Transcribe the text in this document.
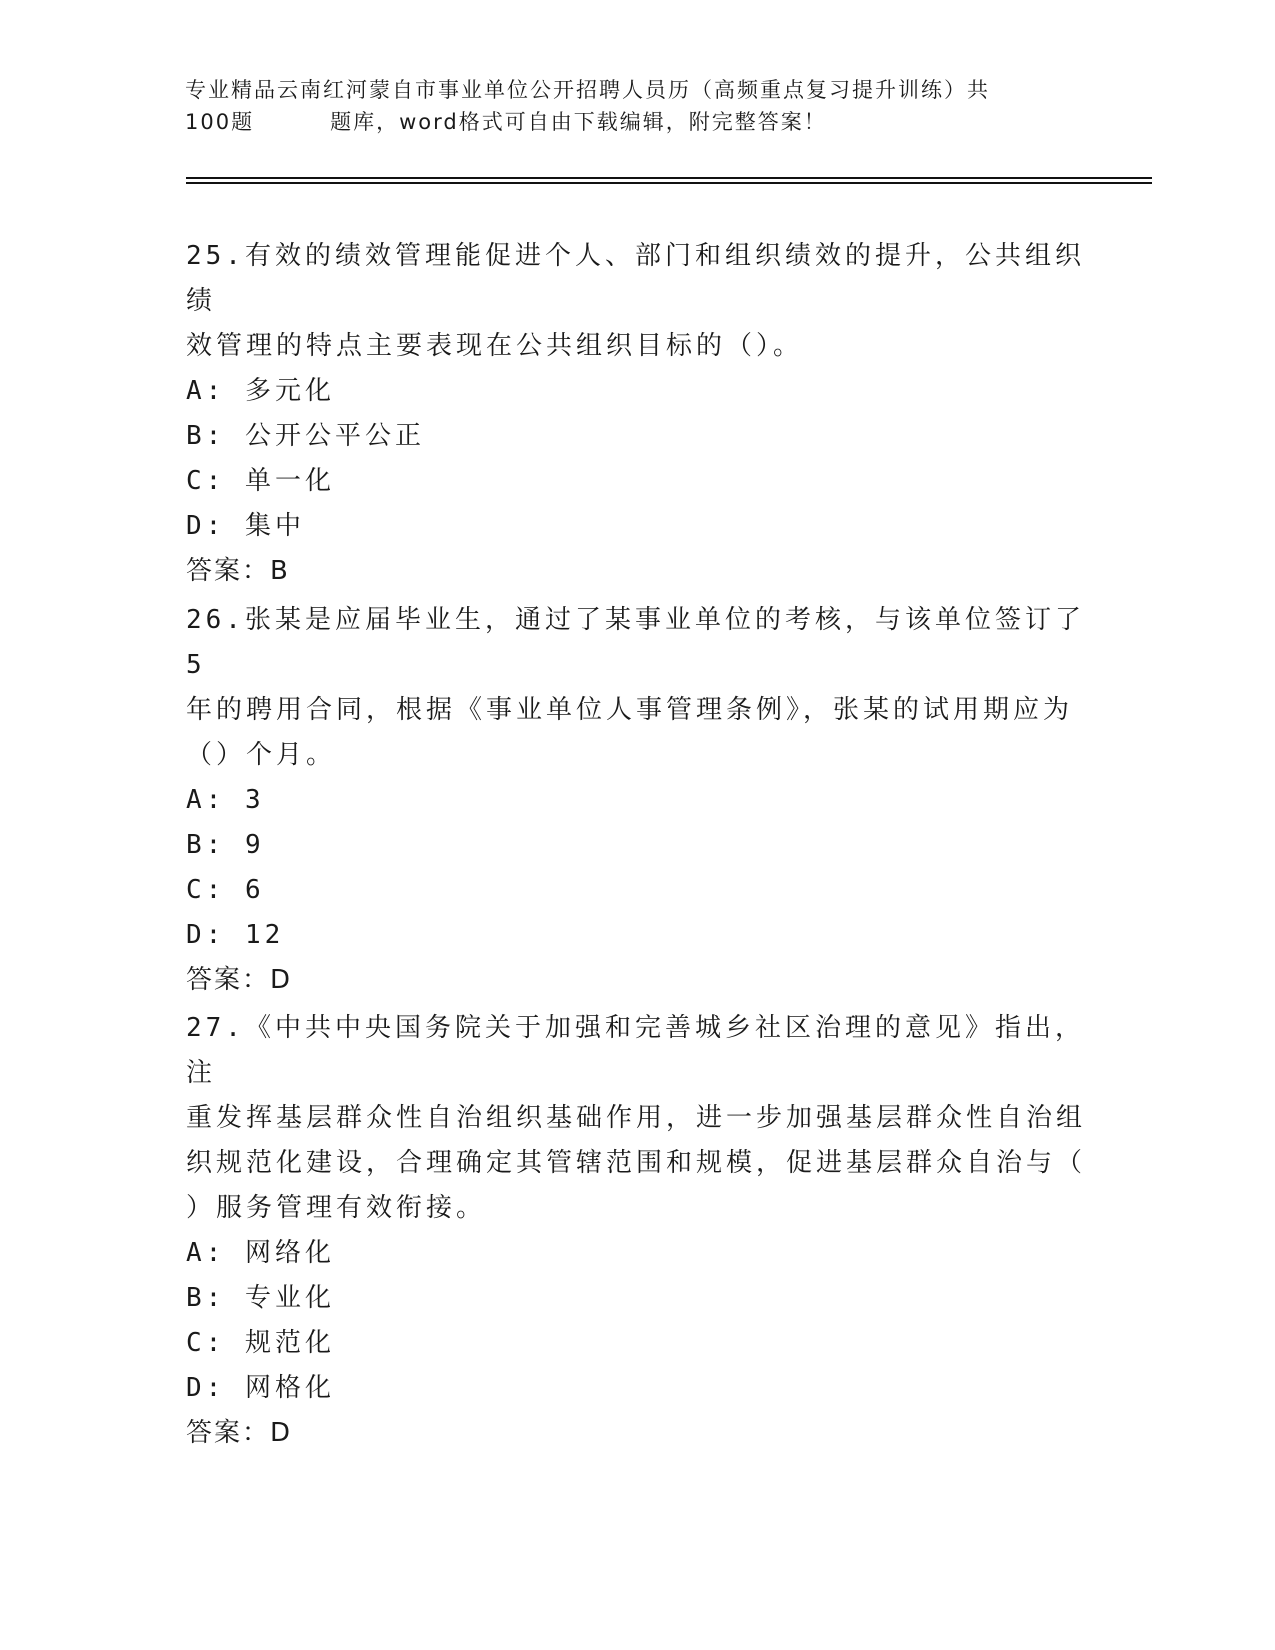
专业精品云南红河蒙自市事业单位公开招聘人员历（高频重点复习提升训练）共
100题	题库，word格式可自由下载编辑，附完整答案！

25.有效的绩效管理能促进个人、部门和组织绩效的提升，公共组织绩

效管理的特点主要表现在公共组织目标的（）。

A: 多元化

B: 公开公平公正

C: 单一化

D: 集中

答案：B

26.张某是应届毕业生，通过了某事业单位的考核，与该单位签订了5

年的聘用合同，根据《事业单位人事管理条例》，张某的试用期应为

（）个月。

A: 3

B: 9

C: 6

D: 12

答案：D

27.《中共中央国务院关于加强和完善城乡社区治理的意见》指出，注

重发挥基层群众性自治组织基础作用，进一步加强基层群众性自治组

织规范化建设，合理确定其管辖范围和规模，促进基层群众自治与（

）服务管理有效衔接。

A: 网络化

B: 专业化

C: 规范化

D: 网格化

答案：D
